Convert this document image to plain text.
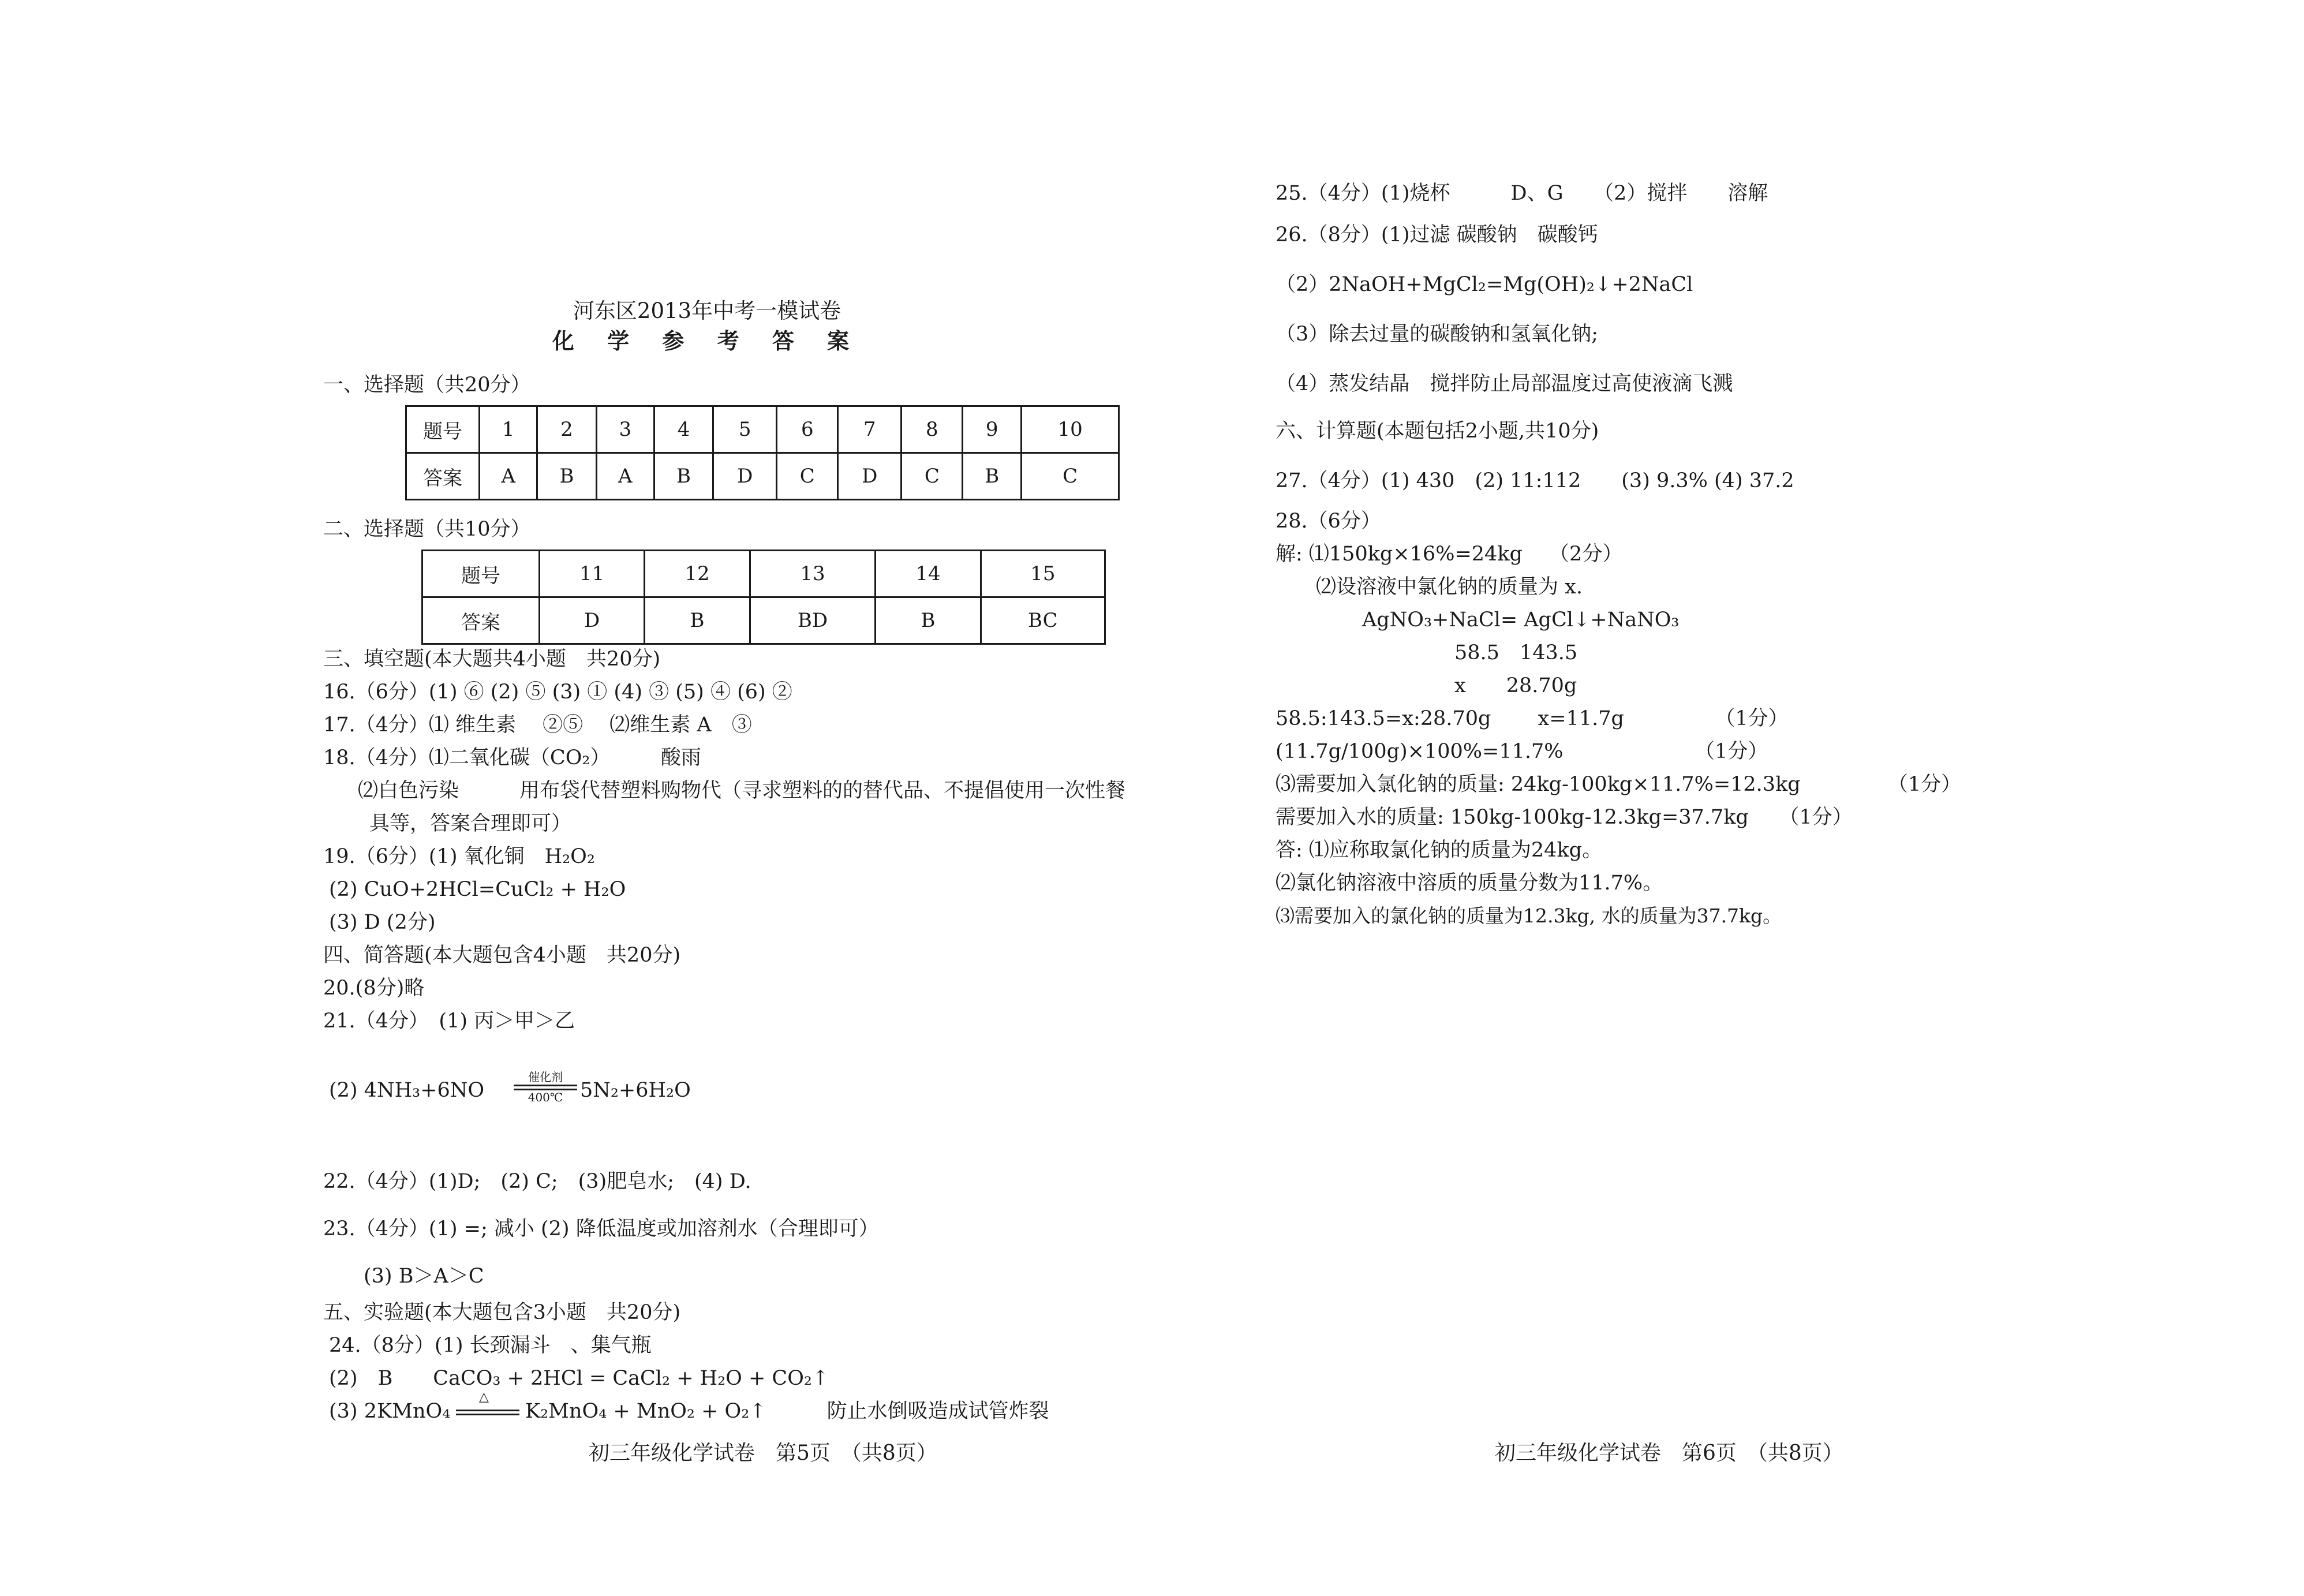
河东区2013年中考一模试卷
化 学 参 考 答 案
一、选择题（共20分）
题号	1	2	3	4	5	6	7	8	9	10
答案	A	B	A	B	D	C	D	C	B	C
二、选择题（共10分）
题号	11	12	13	14	15
答案	D	B	BD	B	BC
三、填空题(本大题共4小题　共20分)
16.（6分）(1) ⑥ (2) ⑤ (3) ① (4) ③ (5) ④ (6) ②
17.（4分）⑴ 维生素　 ②⑤　 ⑵维生素 A　③
18.（4分）⑴二氧化碳（CO₂）　　　酸雨
⑵白色污染　　　用布袋代替塑料购物代（寻求塑料的的替代品、不提倡使用一次性餐
具等，答案合理即可）
19.（6分）(1) 氧化铜　H₂O₂
(2) CuO+2HCl=CuCl₂ + H₂O
(3) D (2分)
四、简答题(本大题包含4小题　共20分)
20.(8分)略
21.（4分）　(1) 丙＞甲＞乙
(2) 4NH₃+6NO
催化剂
400℃ 5N₂+6H₂O
22.（4分）(1)D;　(2) C;　(3)肥皂水;　(4) D.
23.（4分）(1) =; 减小 (2) 降低温度或加溶剂水（合理即可）
(3) B＞A＞C
五、实验题(本大题包含3小题　共20分)
24.（8分）(1) 长颈漏斗　、集气瓶
(2)　B　　CaCO₃ + 2HCl = CaCl₂ + H₂O + CO₂↑
(3) 2KMnO₄
△
K₂MnO₄ + MnO₂ + O₂↑　　　防止水倒吸造成试管炸裂
初三年级化学试卷　第5页　（共8页）
25.（4分）(1)烧杯　　　D、G　　（2）搅拌　　溶解
26.（8分）(1)过滤 碳酸钠　碳酸钙
（2）2NaOH+MgCl₂=Mg(OH)₂↓+2NaCl
（3）除去过量的碳酸钠和氢氧化钠;
（4）蒸发结晶　搅拌防止局部温度过高使液滴飞溅
六、计算题(本题包括2小题,共10分)
27.（4分）(1) 430　(2) 11:112　　(3) 9.3% (4) 37.2
28.（6分）
解: ⑴150kg×16%=24kg　 （2分）
⑵设溶液中氯化钠的质量为 x.
AgNO₃+NaCl= AgCl↓+NaNO₃
58.5　143.5
x　　28.70g
58.5:143.5=x:28.70g　　 x=11.7g　　　　　（1分）
(11.7g/100g)×100%=11.7%　　　　　　　（1分）
⑶需要加入氯化钠的质量: 24kg-100kg×11.7%=12.3kg　　　　 （1分）
需要加入水的质量: 150kg-100kg-12.3kg=37.7kg　　（1分）
答: ⑴应称取氯化钠的质量为24kg。
⑵氯化钠溶液中溶质的质量分数为11.7%。
⑶需要加入的氯化钠的质量为12.3kg, 水的质量为37.7kg。
初三年级化学试卷　第6页　（共8页）
